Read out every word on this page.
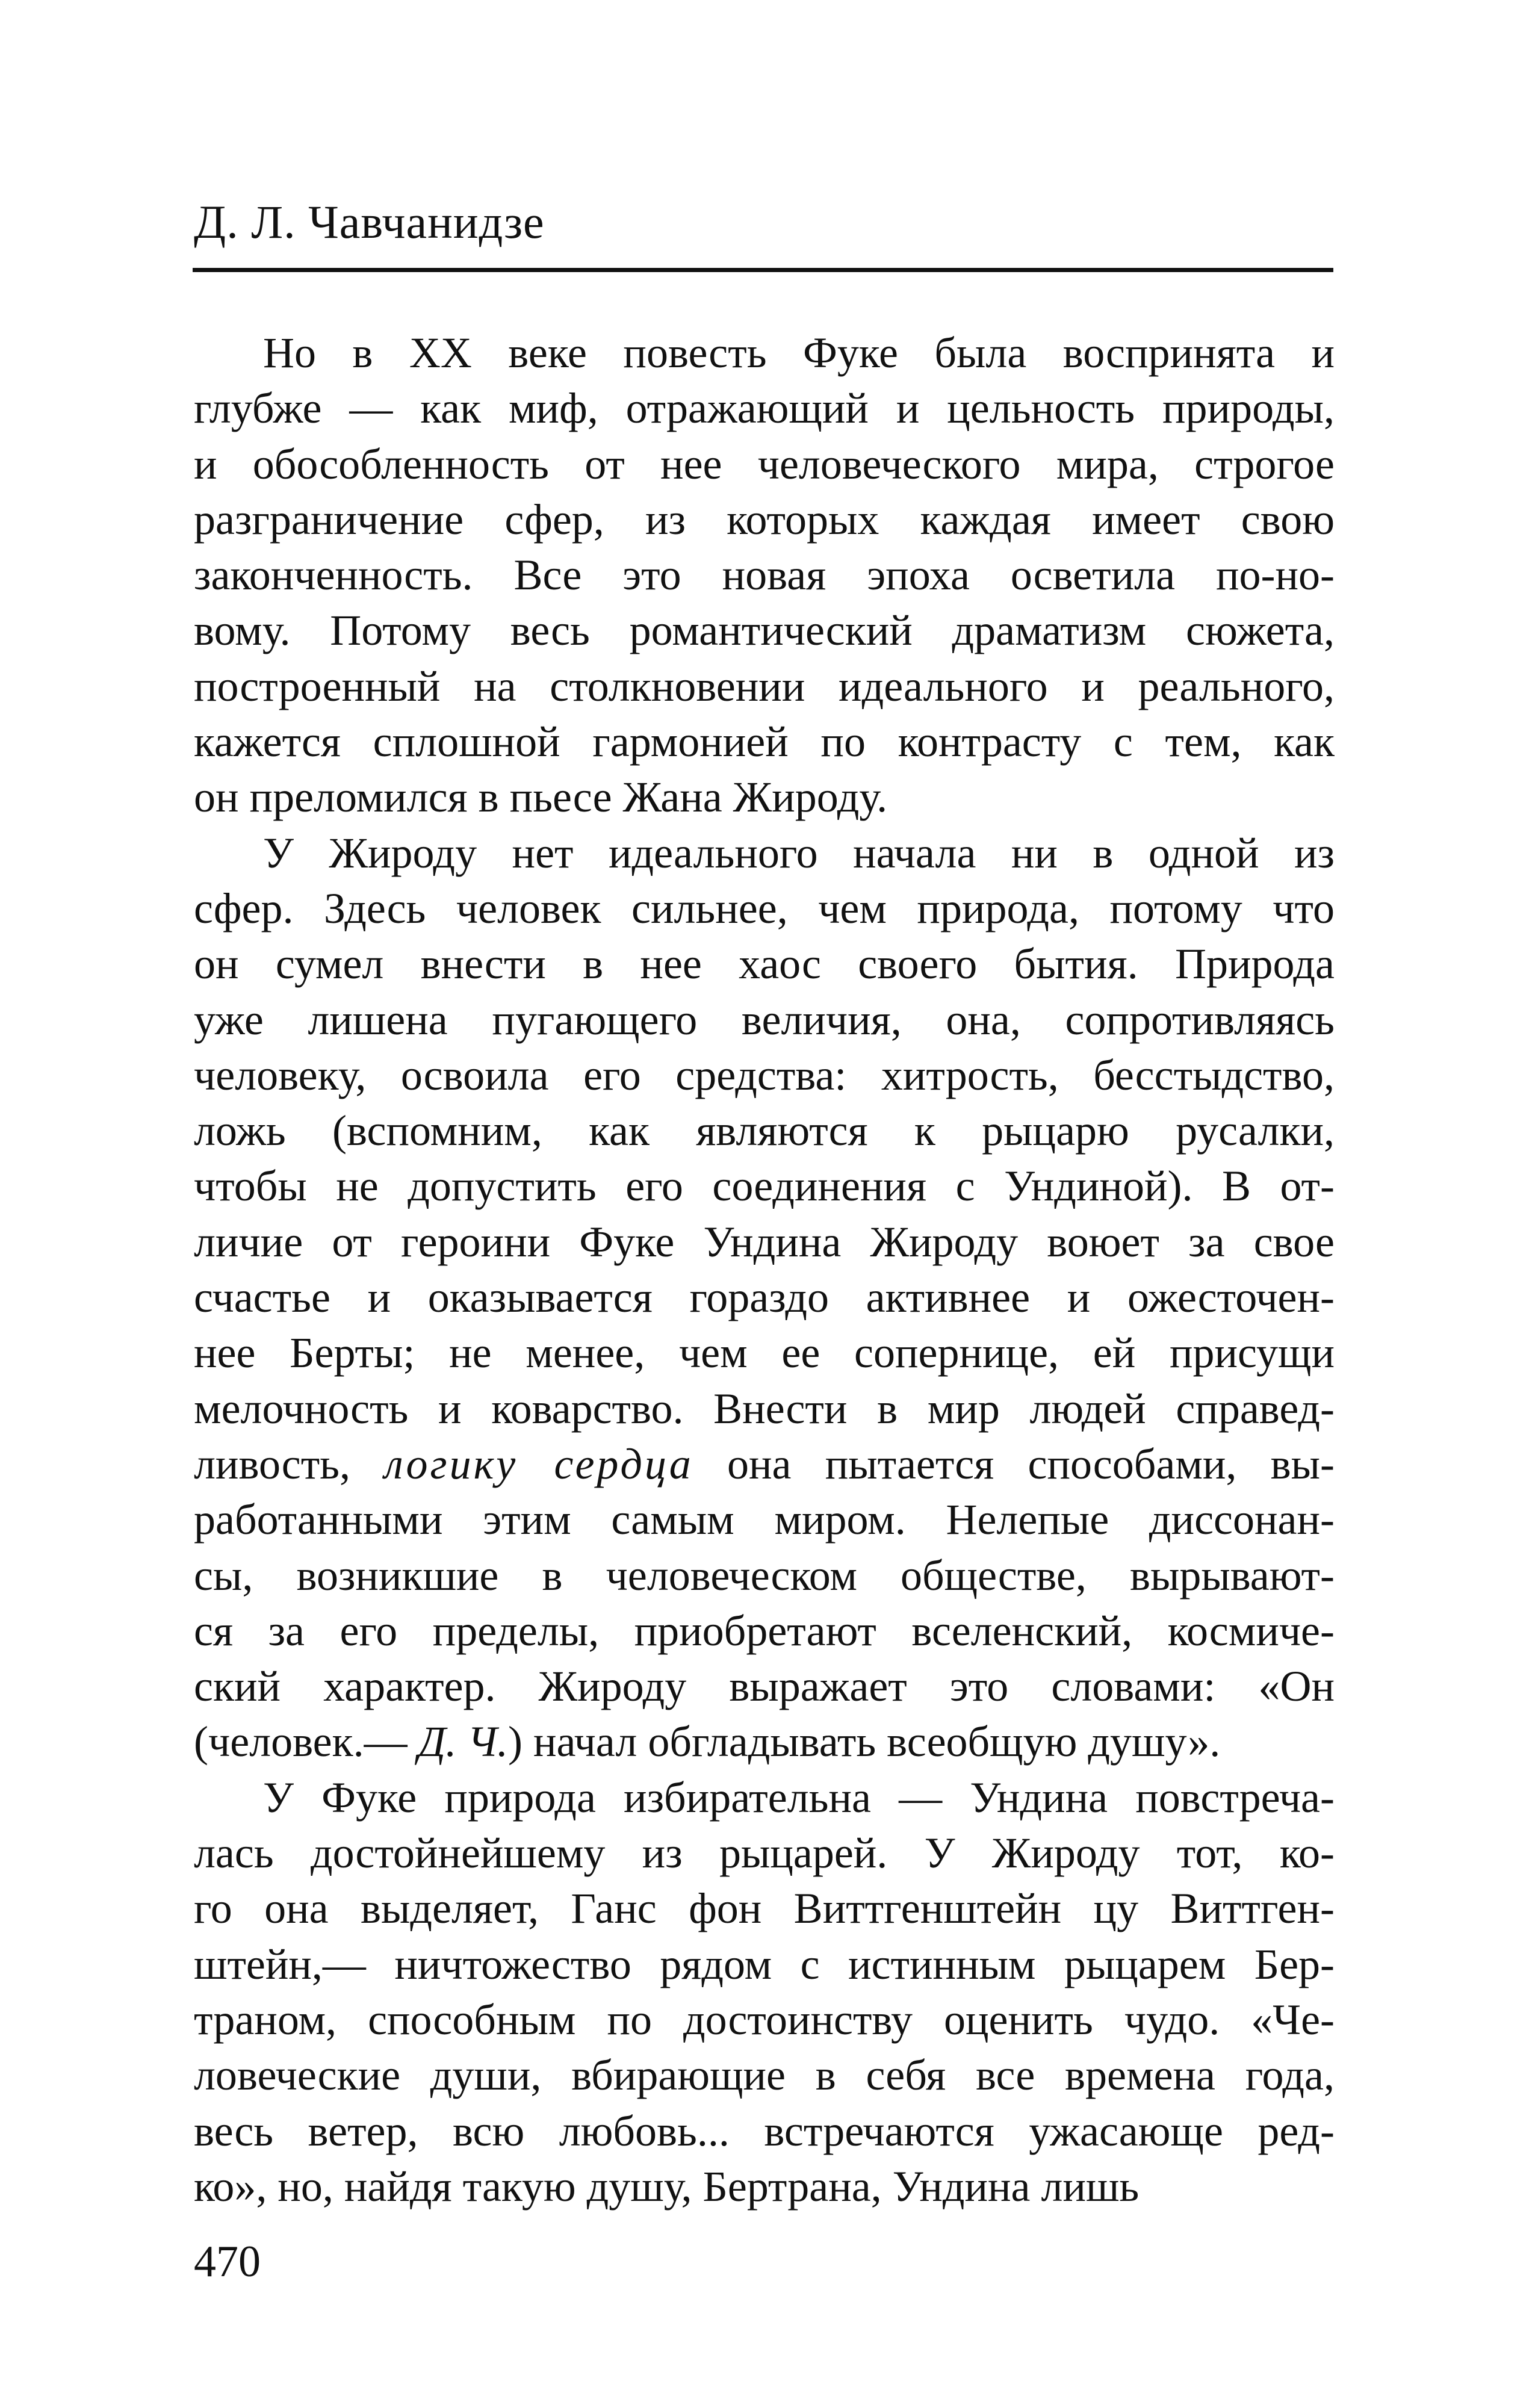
Д. Л. Чавчанидзе
Но в XX веке повесть Фуке была воспринята и
глубже — как миф, отражающий и цельность природы,
и обособленность от нее человеческого мира, строгое
разграничение сфер, из которых каждая имеет свою
законченность. Все это новая эпоха осветила по-но-
вому. Потому весь романтический драматизм сюжета,
построенный на столкновении идеального и реального,
кажется сплошной гармонией по контрасту с тем, как
он преломился в пьесе Жана Жироду.
У Жироду нет идеального начала ни в одной из
сфер. Здесь человек сильнее, чем природа, потому что
он сумел внести в нее хаос своего бытия. Природа
уже лишена пугающего величия, она, сопротивляясь
человеку, освоила его средства: хитрость, бесстыдство,
ложь (вспомним, как являются к рыцарю русалки,
чтобы не допустить его соединения с Ундиной). В от-
личие от героини Фуке Ундина Жироду воюет за свое
счастье и оказывается гораздо активнее и ожесточен-
нее Берты; не менее, чем ее сопернице, ей присущи
мелочность и коварство. Внести в мир людей справед-
ливость, логику сердца она пытается способами, вы-
работанными этим самым миром. Нелепые диссонан-
сы, возникшие в человеческом обществе, вырывают-
ся за его пределы, приобретают вселенский, космиче-
ский характер. Жироду выражает это словами: «Он
(человек.— Д. Ч.) начал обгладывать всеобщую душу».
У Фуке природа избирательна — Ундина повстреча-
лась достойнейшему из рыцарей. У Жироду тот, ко-
го она выделяет, Ганс фон Виттгенштейн цу Виттген-
штейн,— ничтожество рядом с истинным рыцарем Бер-
траном, способным по достоинству оценить чудо. «Че-
ловеческие души, вбирающие в себя все времена года,
весь ветер, всю любовь... встречаются ужасающе ред-
ко», но, найдя такую душу, Бертрана, Ундина лишь
470
